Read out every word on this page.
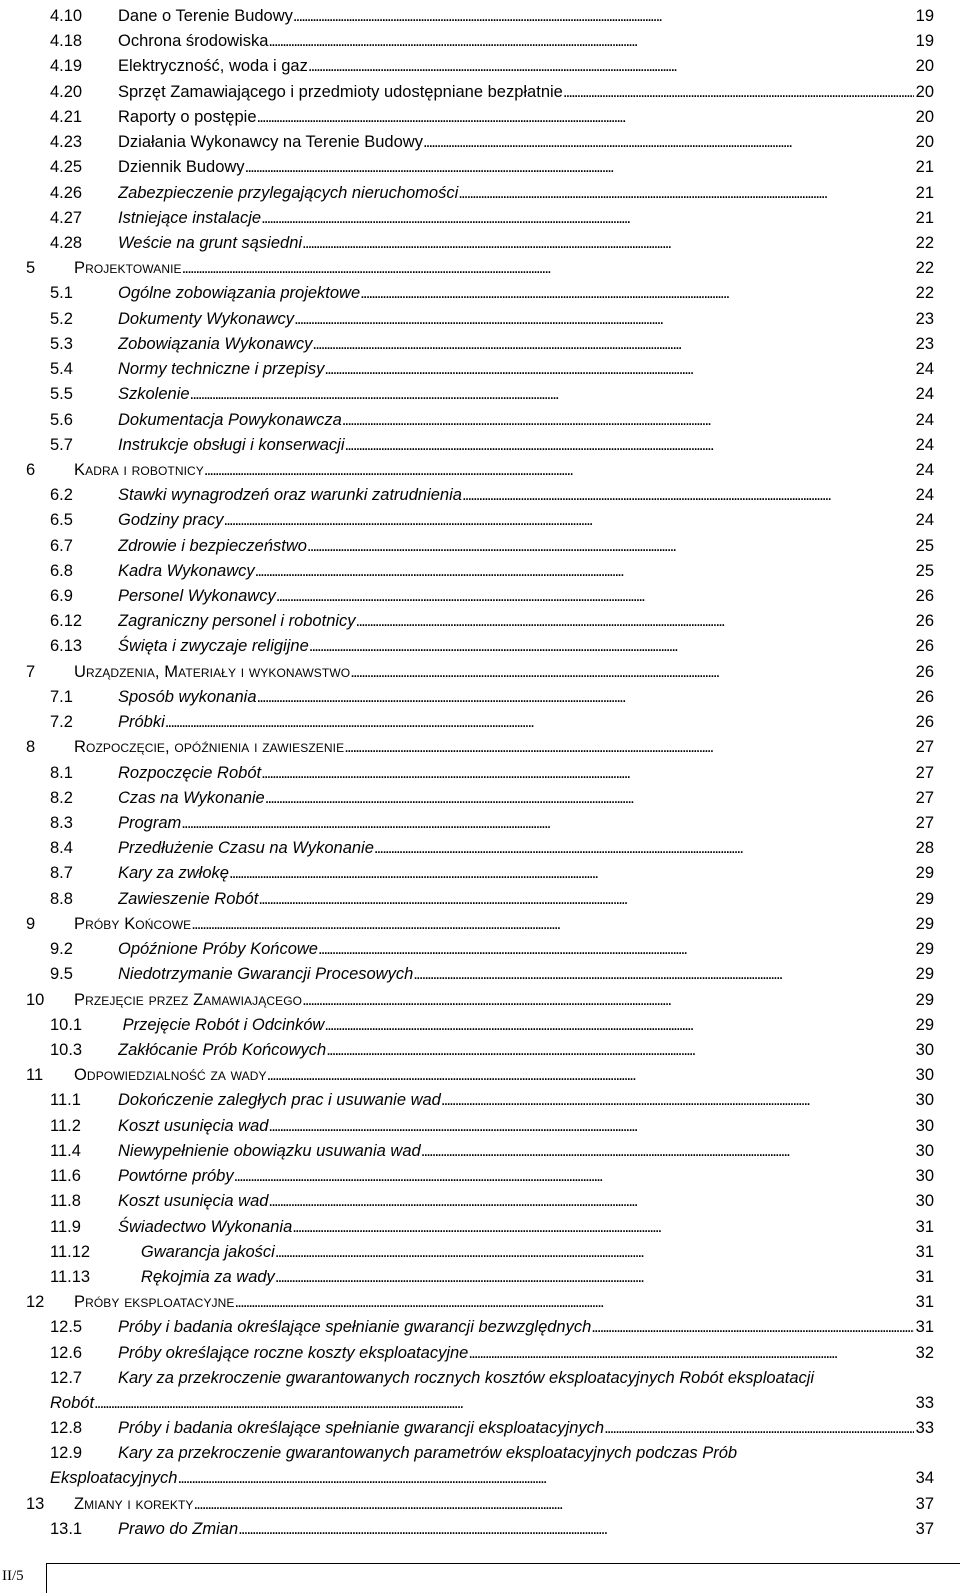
4.10 Dane o Terenie Budowy . . .	19
4.18 Ochrona środowiska . . .	19
4.19 Elektryczność, woda i gaz . . .	20
4.20 Sprzęt Zamawiającego i przedmioty udostępniane bezpłatnie . . .	20
4.21 Raporty o postępie . . .	20
4.23 Działania Wykonawcy na Terenie Budowy . . .	20
4.25 Dziennik Budowy . . .	21
4.26 Zabezpieczenie przylegających nieruchomości . . .	21
4.27 Istniejące instalacje . . .	21
4.28 Weście na grunt sąsiedni . . .	22
5 Projektowanie . . .	22
5.1	Ogólne zobowiązania projektowe . . .	22
5.2	Dokumenty Wykonawcy . . .	23
5.3	Zobowiązania Wykonawcy . . .	23
5.4	Normy techniczne i przepisy . . .	24
5.5	Szkolenie . . .	24
5.6	Dokumentacja Powykonawcza . . .	24
5.7	Instrukcje obsługi i konserwacji . . .	24
6 Kadra i robotnicy . . .	24
6.2	Stawki wynagrodzeń oraz warunki zatrudnienia . . .	24
6.5	Godziny pracy . . .	24
6.7	Zdrowie i bezpieczeństwo . . .	25
6.8	Kadra Wykonawcy . . .	25
6.9	Personel Wykonawcy . . .	26
6.12 Zagraniczny personel i robotnicy . . .	26
6.13 Święta i zwyczaje religijne . . .	26
7 Urządzenia, Materiały i wykonawstwo . . .	26
7.1	Sposób wykonania . . .	26
7.2	Próbki . . .	26
8 Rozpoczęcie, opóźnienia i zawieszenie . . .	27
8.1	Rozpoczęcie Robót . . .	27
8.2	Czas na Wykonanie . . .	27
8.3	Program . . .	27
8.4	Przedłużenie Czasu na Wykonanie . . .	28
8.7	Kary za zwłokę . . .	29
8.8	Zawieszenie Robót . . .	29
9 Próby Końcowe . . .	29
9.2	Opóźnione Próby Końcowe . . .	29
9.5	Niedotrzymanie Gwarancji Procesowych . . .	29
10 Przejęcie przez Zamawiającego . . .	29
10.1 Przejęcie Robót i Odcinków . . .	29
10.3 Zakłócanie Prób Końcowych . . .	30
11 Odpowiedzialność za wady . . .	30
11.1 Dokończenie zaległych prac i usuwanie wad . . .	30
11.2 Koszt usunięcia wad . . .	30
11.4 Niewypełnienie obowiązku usuwania wad . . .	30
11.6 Powtórne próby . . .	30
11.8 Koszt usunięcia wad . . .	30
11.9 Świadectwo Wykonania . . .	31
11.12 Gwarancja jakości . . .	31
11.13 Rękojmia za wady . . .	31
12 Próby eksploatacyjne . . .	31
12.5 Próby i badania określające spełnianie gwarancji bezwzględnych . . .	31
12.6 Próby określające roczne koszty eksploatacyjne . . .	32
12.7 Kary za przekroczenie gwarantowanych rocznych kosztów eksploatacyjnych Robót eksploatacji
Robót . . .	33
12.8 Próby i badania określające spełnianie gwarancji eksploatacyjnych . . .	33
12.9 Kary za przekroczenie gwarantowanych parametrów eksploatacyjnych podczas Prób
Eksploatacyjnych . . .	34
13 Zmiany i korekty . . .	37
13.1 Prawo do Zmian . . .	37
II/5
